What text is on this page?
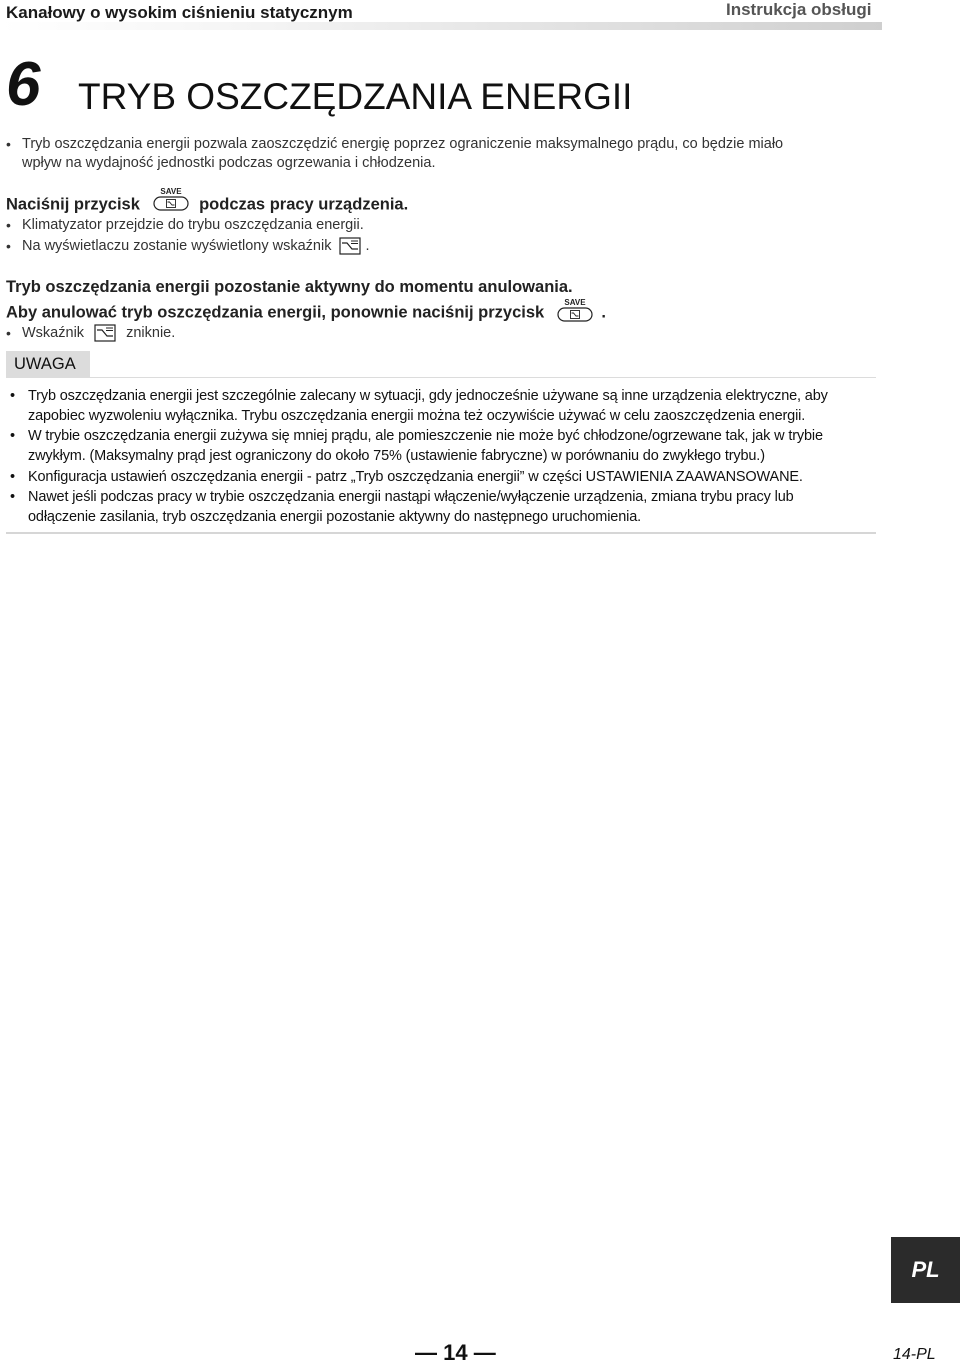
Kanałowy o wysokim ciśnieniu statycznym	Instrukcja obsługi
6 TRYB OSZCZĘDZANIA ENERGII
• Tryb oszczędzania energii pozwala zaoszczędzić energię poprzez ograniczenie maksymalnego prądu, co będzie miało
wpływ na wydajność jednostki podczas ogrzewania i chłodzenia.
Naciśnij przycisk
SAVE
podczas pracy urządzenia.
• Klimatyzator przejdzie do trybu oszczędzania energii.
• Na wyświetlaczu zostanie wyświetlony wskaźnik .
Tryb oszczędzania energii pozostanie aktywny do momentu anulowania.
Aby anulować tryb oszczędzania energii, ponownie naciśnij przycisk
SAVE
.
• Wskaźnik	zniknie.
UWAGA
• Tryb oszczędzania energii jest szczególnie zalecany w sytuacji, gdy jednocześnie używane są inne urządzenia elektryczne, aby
zapobiec wyzwoleniu wyłącznika. Trybu oszczędzania energii można też oczywiście używać w celu zaoszczędzenia energii.
• W trybie oszczędzania energii zużywa się mniej prądu, ale pomieszczenie nie może być chłodzone/ogrzewane tak, jak w trybie
zwykłym. (Maksymalny prąd jest ograniczony do około 75% (ustawienie fabryczne) w porównaniu do zwykłego trybu.)
• Konfiguracja ustawień oszczędzania energii - patrz „Tryb oszczędzania energii” w części USTAWIENIA ZAAWANSOWANE.
• Nawet jeśli podczas pracy w trybie oszczędzania energii nastąpi włączenie/wyłączenie urządzenia, zmiana trybu pracy lub
odłączenie zasilania, tryb oszczędzania energii pozostanie aktywny do następnego uruchomienia.
PL
— 14 —	14-PL
